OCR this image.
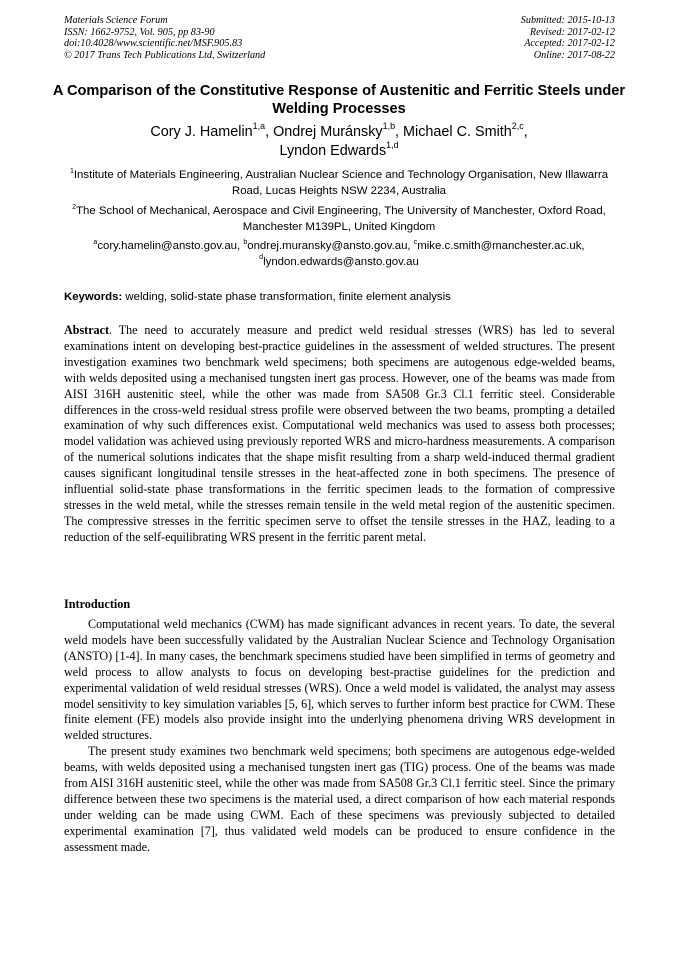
Materials Science Forum
ISSN: 1662-9752, Vol. 905, pp 83-90
doi:10.4028/www.scientific.net/MSF.905.83
© 2017 Trans Tech Publications Ltd, Switzerland
Submitted: 2015-10-13
Revised: 2017-02-12
Accepted: 2017-02-12
Online: 2017-08-22
A Comparison of the Constitutive Response of Austenitic and Ferritic Steels under Welding Processes
Cory J. Hamelin$^{1,a}$, Ondrej Muránsky$^{1,b}$, Michael C. Smith$^{2,c}$,
Lyndon Edwards$^{1,d}$
$^1$Institute of Materials Engineering, Australian Nuclear Science and Technology Organisation, New Illawarra Road, Lucas Heights NSW 2234, Australia
$^2$The School of Mechanical, Aerospace and Civil Engineering, The University of Manchester, Oxford Road, Manchester M139PL, United Kingdom
$^a$cory.hamelin@ansto.gov.au, $^b$ondrej.muransky@ansto.gov.au, $^c$mike.c.smith@manchester.ac.uk,
$^d$lyndon.edwards@ansto.gov.au
Keywords: welding, solid-state phase transformation, finite element analysis
Abstract. The need to accurately measure and predict weld residual stresses (WRS) has led to several examinations intent on developing best-practice guidelines in the assessment of welded structures. The present investigation examines two benchmark weld specimens; both specimens are autogenous edge-welded beams, with welds deposited using a mechanised tungsten inert gas process. However, one of the beams was made from AISI 316H austenitic steel, while the other was made from SA508 Gr.3 Cl.1 ferritic steel. Considerable differences in the cross-weld residual stress profile were observed between the two beams, prompting a detailed examination of why such differences exist. Computational weld mechanics was used to assess both processes; model validation was achieved using previously reported WRS and micro-hardness measurements. A comparison of the numerical solutions indicates that the shape misfit resulting from a sharp weld-induced thermal gradient causes significant longitudinal tensile stresses in the heat-affected zone in both specimens. The presence of influential solid-state phase transformations in the ferritic specimen leads to the formation of compressive stresses in the weld metal, while the stresses remain tensile in the weld metal region of the austenitic specimen. The compressive stresses in the ferritic specimen serve to offset the tensile stresses in the HAZ, leading to a reduction of the self-equilibrating WRS present in the ferritic parent metal.
Introduction

Computational weld mechanics (CWM) has made significant advances in recent years. To date, the several weld models have been successfully validated by the Australian Nuclear Science and Technology Organisation (ANSTO) [1-4]. In many cases, the benchmark specimens studied have been simplified in terms of geometry and weld process to allow analysts to focus on developing best-practise guidelines for the prediction and experimental validation of weld residual stresses (WRS). Once a weld model is validated, the analyst may assess model sensitivity to key simulation variables [5, 6], which serves to further inform best practice for CWM. These finite element (FE) models also provide insight into the underlying phenomena driving WRS development in welded structures.

The present study examines two benchmark weld specimens; both specimens are autogenous edge-welded beams, with welds deposited using a mechanised tungsten inert gas (TIG) process. One of the beams was made from AISI 316H austenitic steel, while the other was made from SA508 Gr.3 Cl.1 ferritic steel. Since the primary difference between these two specimens is the material used, a direct comparison of how each material responds under welding can be made using CWM. Each of these specimens was previously subjected to detailed experimental examination [7], thus validated weld models can be produced to ensure confidence in the assessment made.
